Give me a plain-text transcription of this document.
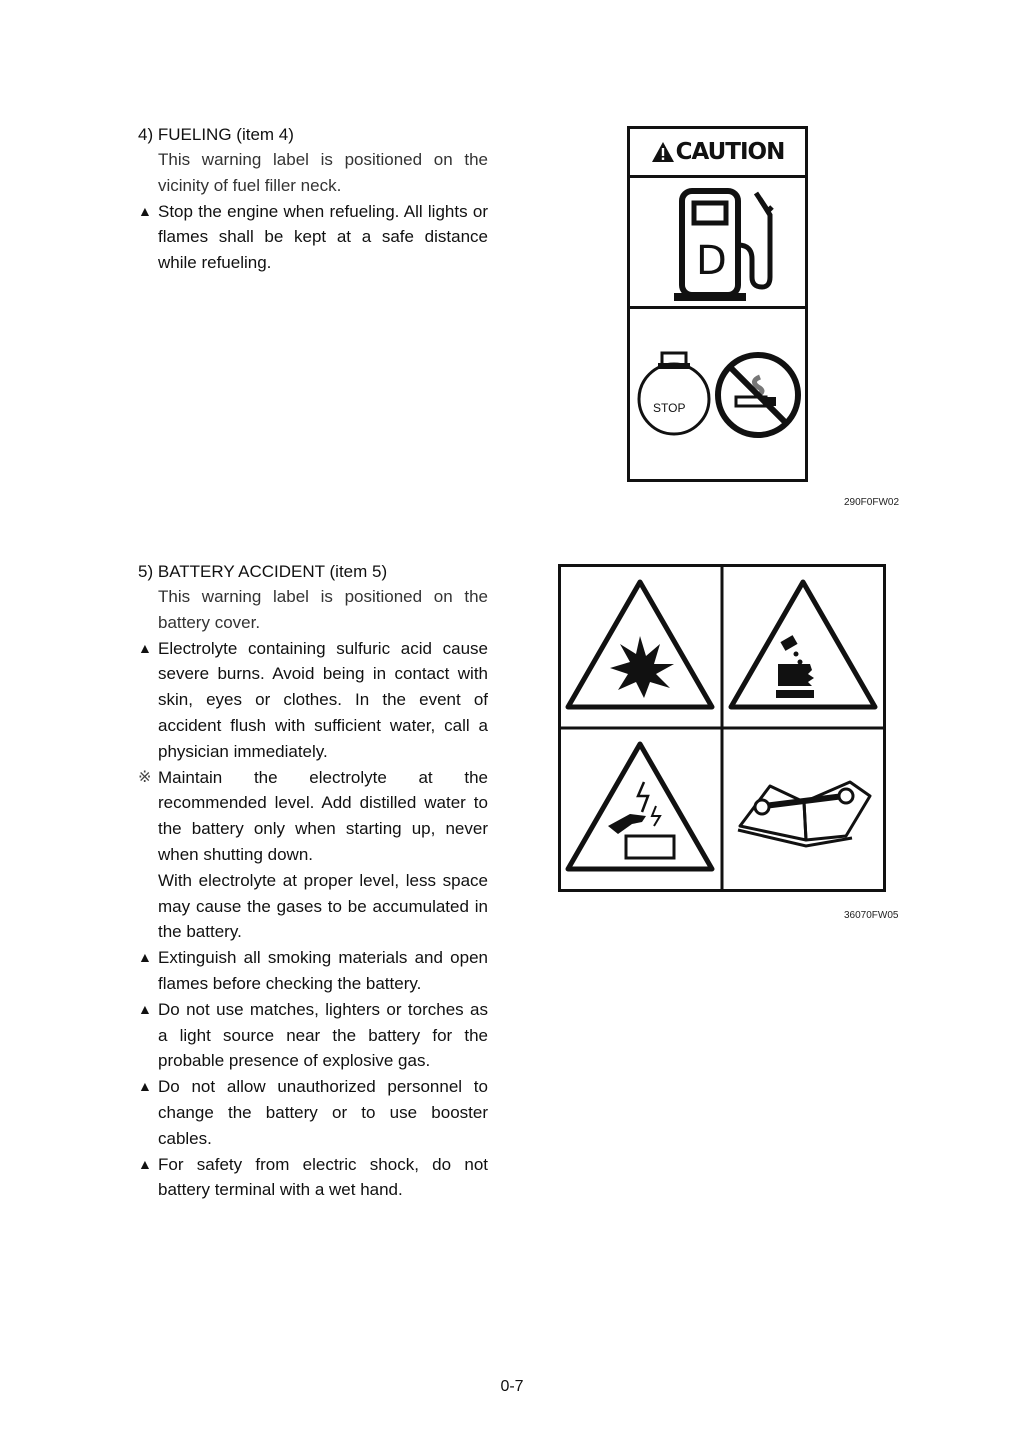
4) FUELING (item 4)

This warning label is positioned on the vicinity of fuel filler neck.

▲ Stop the engine when refueling. All lights or flames shall be kept at a safe distance while refueling.
CAUTION
D
STOP
290F0FW02

5) BATTERY ACCIDENT (item 5)

This warning label is positioned on the battery cover.

▲ Electrolyte containing sulfuric acid cause severe burns. Avoid being in contact with skin, eyes or clothes. In the event of accident flush with sufficient water, call a physician immediately.
※ Maintain the electrolyte at the recommended level. Add distilled water to the battery only when starting up, never when shutting down.
With electrolyte at proper level, less space may cause the gases to be accumulated in the battery.
▲ Extinguish all smoking materials and open flames before checking the battery.
▲ Do not use matches, lighters or torches as a light source near the battery for the probable presence of explosive gas.
▲ Do not allow unauthorized personnel to change the battery or to use booster cables.
▲ For safety from electric shock, do not battery terminal with a wet hand.
36070FW05
0-7
